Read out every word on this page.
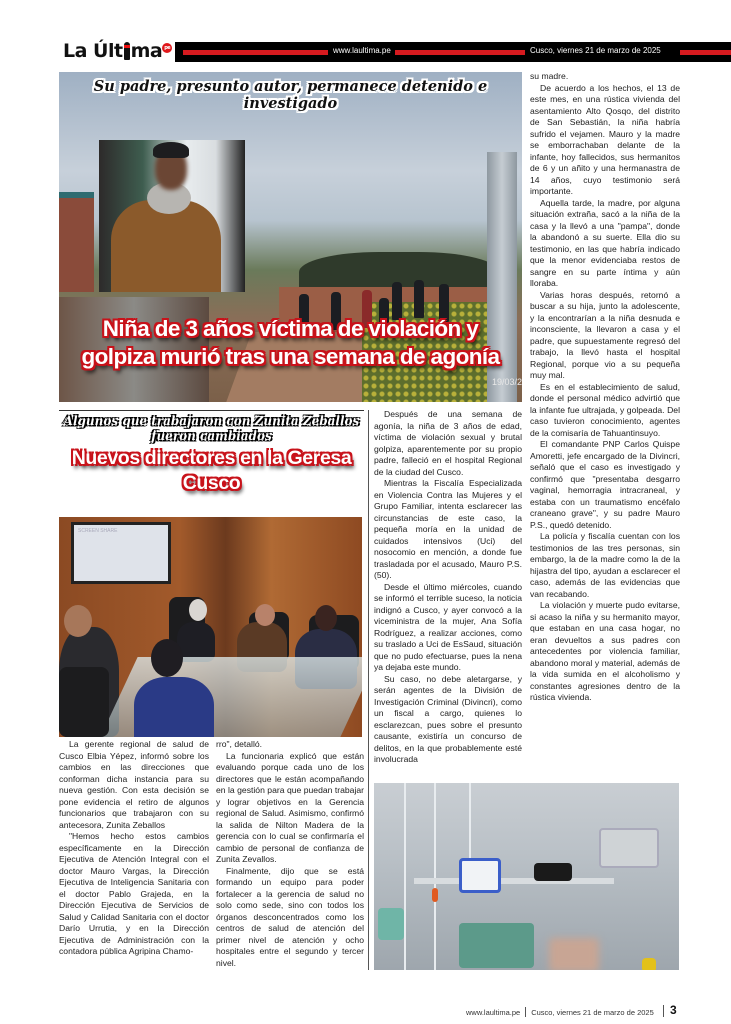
La Últ ma pe	www.laultima.pe	Cusco, viernes 21 de marzo de 2025
Su padre, presunto autor, permanece detenido e investigado
Niña de 3 años víctima de violación y
golpiza murió tras una semana de agonía
19/03/2
Algunos que trabajaron con Zunita Zeballos fueron cambiados
Nuevos directores en la Geresa Cusco
SCREEN SHARE

La gerente regional de salud de Cusco Elbia Yépez, informó sobre los cambios en las direcciones que conforman dicha instancia para su nueva gestión. Con esta decisión se pone evidencia el retiro de algunos funcionarios que trabajaron con su antecesora, Zunita Zeballos

"Hemos hecho estos cambios específicamente en la Dirección Ejecutiva de Atención Integral con el doctor Mauro Vargas, la Dirección Ejecutiva de Inteligencia Sanitaria con el doctor Pablo Grajeda, en la Dirección Ejecutiva de Servicios de Salud y Calidad Sanitaria con el doctor Darío Urrutia, y en la Dirección Ejecutiva de Administración con la contadora pública Agripina Chamo-

rro", detalló.

La funcionaria explicó que están evaluando porque cada uno de los directores que le están acompañando en la gestión para que puedan trabajar y lograr objetivos en la Gerencia regional de Salud. Asimismo, confirmó la salida de Nilton Madera de la gerencia con lo cual se confirmaría el cambio de personal de confianza de Zunita Zevallos.

Finalmente, dijo que se está formando un equipo para poder fortalecer a la gerencia de salud no solo como sede, sino con todos los órganos desconcentrados como los centros de salud de atención del primer nivel de atención y ocho hospitales entre el segundo y tercer nivel.

Después de una semana de agonía, la niña de 3 años de edad, víctima de violación sexual y brutal golpiza, aparentemente por su propio padre, falleció en el hospital Regional de la ciudad del Cusco.

Mientras la Fiscalía Especializada en Violencia Contra las Mujeres y el Grupo Familiar, intenta esclarecer las circunstancias de este caso, la pequeña moría en la unidad de cuidados intensivos (Uci) del nosocomio en mención, a donde fue trasladada por el acusado, Mauro P.S. (50).

Desde el último miércoles, cuando se informó el terrible suceso, la noticia indignó a Cusco, y ayer convocó a la viceministra de la mujer, Ana Sofía Rodríguez, a realizar acciones, como su traslado a Uci de EsSaud, situación que no pudo efectuarse, pues la nena ya dejaba este mundo.

Su caso, no debe aletargarse, y serán agentes de la División de Investigación Criminal (Divincri), como un fiscal a cargo, quienes lo esclarezcan, pues sobre el presunto causante, existiría un concurso de delitos, en la que probablemente esté involucrada

su madre.

De acuerdo a los hechos, el 13 de este mes, en una rústica vivienda del asentamiento Alto Qosqo, del distrito de San Sebastián, la niña habría sufrido el vejamen. Mauro y la madre se emborrachaban delante de la infante, hoy fallecidos, sus hermanitos de 6 y un añito y una hermanastra de 14 años, cuyo testimonio será importante.

Aquella tarde, la madre, por alguna situación extraña, sacó a la niña de la casa y la llevó a una "pampa", donde la abandonó a su suerte. Ella dio su testimonio, en las que habría indicado que la menor evidenciaba restos de sangre en su parte íntima y aún lloraba.

Varias horas después, retornó a buscar a su hija, junto la adolescente, y la encontrarían a la niña desnuda e inconsciente, la llevaron a casa y el padre, que supuestamente regresó del trabajo, la llevó hasta el hospital Regional, porque vio a su pequeña muy mal.

Es en el establecimiento de salud, donde el personal médico advirtió que la infante fue ultrajada, y golpeada. Del caso tuvieron conocimiento, agentes de la comisaría de Tahuantinsuyo.

El comandante PNP Carlos Quispe Amoretti, jefe encargado de la Divincri, señaló que el caso es investigado y confirmó que "presentaba desgarro vaginal, hemorragia intracraneal, y estaba con un traumatismo encéfalo craneano grave", y su padre Mauro P.S., quedó detenido.

La policía y fiscalía cuentan con los testimonios de las tres personas, sin embargo, la de la madre como la de la hijastra del tipo, ayudan a esclarecer el caso, además de las evidencias que van recabando.

La violación y muerte pudo evitarse, si acaso la niña y su hermanito mayor, que estaban en una casa hogar, no eran devueltos a sus padres con antecedentes por violencia familiar, abandono moral y material, además de la vida sumida en el alcoholismo y constantes agresiones dentro de la rústica vivienda.

www.laultima.pe Cusco, viernes 21 de marzo de 2025 3
